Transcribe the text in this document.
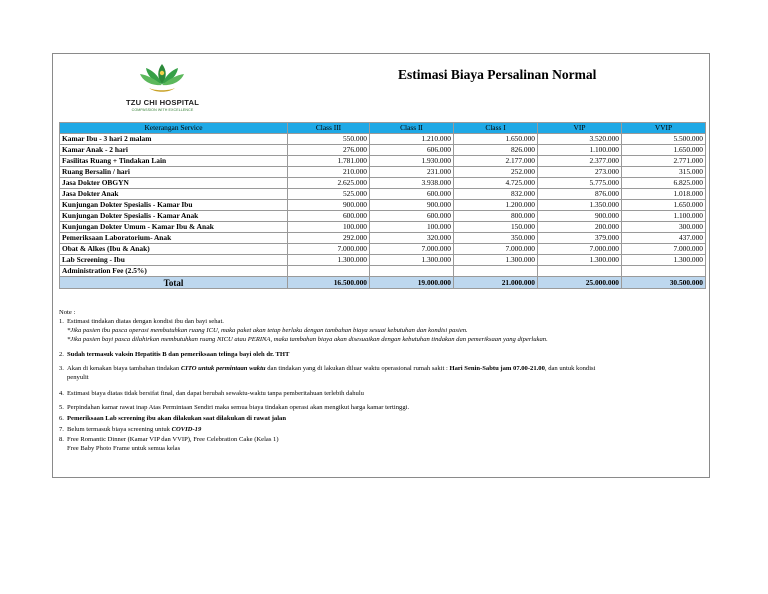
TZU CHI HOSPITAL
COMPASSION WITH EXCELLENCE
Estimasi Biaya Persalinan Normal
Keterangan Service	Class III	Class II	Class I	VIP	VVIP
Kamar Ibu - 3 hari 2 malam	550.000	1.210.000	1.650.000	3.520.000	5.500.000
Kamar Anak - 2 hari	276.000	606.000	826.000	1.100.000	1.650.000
Fasilitas Ruang + Tindakan Lain	1.781.000	1.930.000	2.177.000	2.377.000	2.771.000
Ruang Bersalin / hari	210.000	231.000	252.000	273.000	315.000
Jasa Dokter OBGYN	2.625.000	3.938.000	4.725.000	5.775.000	6.825.000
Jasa Dokter Anak	525.000	600.000	832.000	876.000	1.018.000
Kunjungan Dokter Spesialis - Kamar Ibu	900.000	900.000	1.200.000	1.350.000	1.650.000
Kunjungan Dokter Spesialis - Kamar Anak	600.000	600.000	800.000	900.000	1.100.000
Kunjungan Dokter Umum - Kamar Ibu & Anak	100.000	100.000	150.000	200.000	300.000
Pemeriksaan Laboratorium- Anak	292.000	320.000	350.000	379.000	437.000
Obat & Alkes (Ibu & Anak)	7.000.000	7.000.000	7.000.000	7.000.000	7.000.000
Lab Screening - Ibu	1.300.000	1.300.000	1.300.000	1.300.000	1.300.000
Administration Fee (2.5%)					
Total	16.500.000	19.000.000	21.000.000	25.000.000	30.500.000
Note :
1. Estimasi tindakan diatas dengan kondisi ibu dan bayi sehat.
*Jika pasien ibu pasca operasi membutuhkan ruang ICU, maka paket akan tetap berlaku dengan tambahan biaya sesuai kebutuhan dan kondisi pasien.
*Jika pasien bayi pasca dilahirkan membutuhkan ruang NICU atau PERINA, maka tambahan biaya akan disesuaikan dengan kebutuhan tindakan dan pemeriksaan yang diperlukan.
2. Sudah termasuk vaksin Hepatitis B dan pemeriksaan telinga bayi oleh dr. THT
3. Akan di kenakan biaya tambahan tindakan CITO untuk permintaan waktu dan tindakan yang di lakukan diluar waktu operasional rumah sakit : Hari Senin-Sabtu jam 07.00-21.00, dan untuk kondisi
penyulit
4. Estimasi biaya diatas tidak bersifat final, dan dapat berubah sewaktu-waktu tanpa pemberitahuan terlebih dahulu
5. Perpindahan kamar rawat inap Atas Permintaan Sendiri maka semua biaya tindakan operasi akan mengikut harga kamar tertinggi.
6. Pemeriksaan Lab screening ibu akan dilakukan saat dilakukan di rawat jalan
7. Belum termasuk biaya screening untuk COVID-19
8. Free Romantic Dinner (Kamar VIP dan VVIP), Free Celebration Cake (Kelas 1)
Free Baby Photo Frame untuk semua kelas
